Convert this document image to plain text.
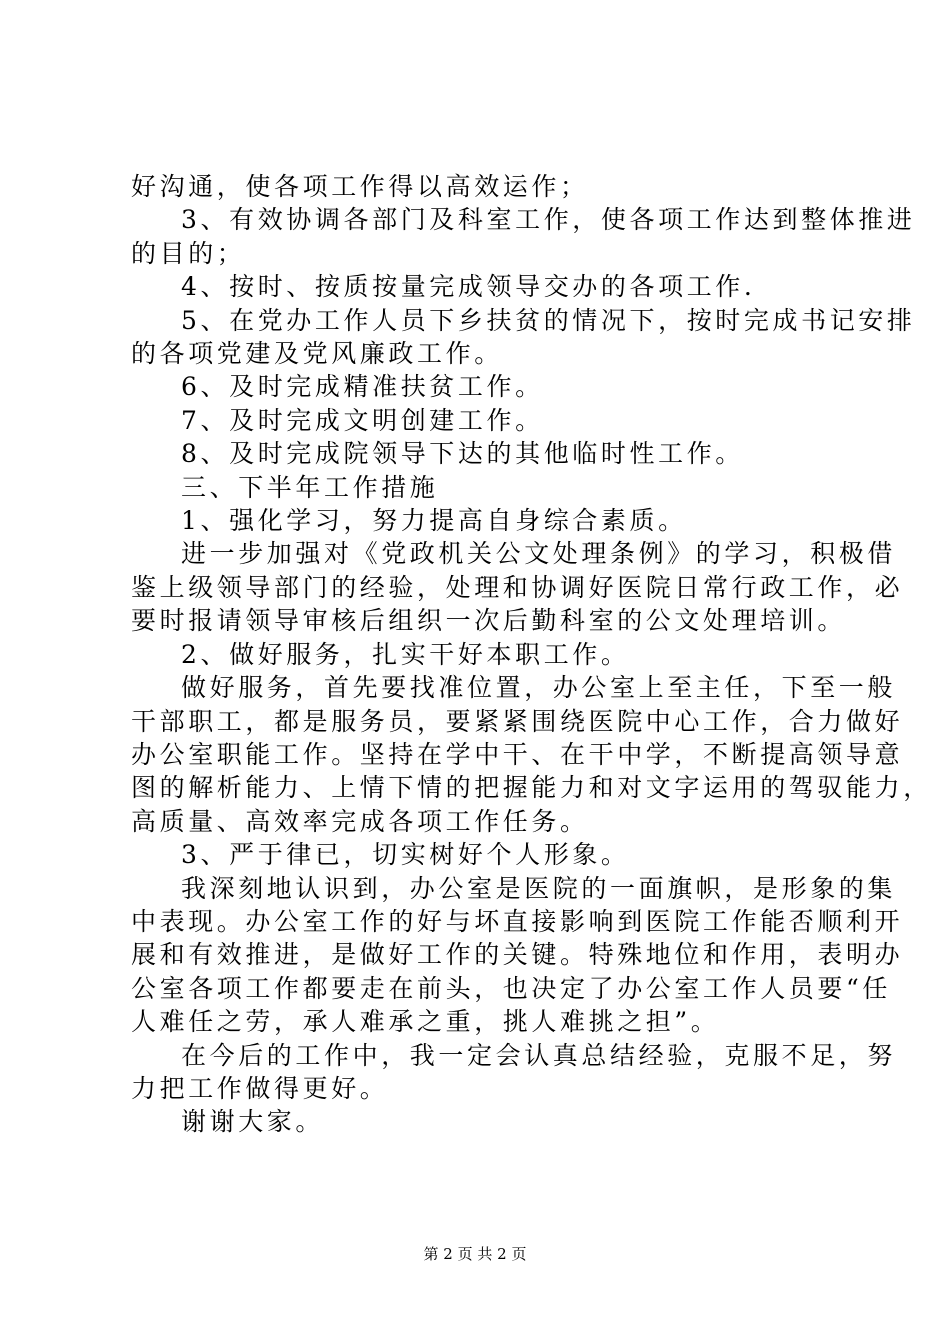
好沟通，使各项工作得以高效运作；

3、有效协调各部门及科室工作，使各项工作达到整体推进

的目的；

4、按时、按质按量完成领导交办的各项工作.

5、在党办工作人员下乡扶贫的情况下，按时完成书记安排

的各项党建及党风廉政工作。

6、及时完成精准扶贫工作。

7、及时完成文明创建工作。

8、及时完成院领导下达的其他临时性工作。

三、下半年工作措施

1、强化学习，努力提高自身综合素质。

进一步加强对《党政机关公文处理条例》的学习，积极借

鉴上级领导部门的经验，处理和协调好医院日常行政工作，必

要时报请领导审核后组织一次后勤科室的公文处理培训。

2、做好服务，扎实干好本职工作。

做好服务，首先要找准位置，办公室上至主任，下至一般

干部职工，都是服务员，要紧紧围绕医院中心工作，合力做好

办公室职能工作。坚持在学中干、在干中学，不断提高领导意

图的解析能力、上情下情的把握能力和对文字运用的驾驭能力，

高质量、高效率完成各项工作任务。

3、严于律已，切实树好个人形象。

我深刻地认识到，办公室是医院的一面旗帜，是形象的集

中表现。办公室工作的好与坏直接影响到医院工作能否顺利开

展和有效推进，是做好工作的关键。特殊地位和作用，表明办

公室各项工作都要走在前头，也决定了办公室工作人员要“任

人难任之劳，承人难承之重，挑人难挑之担”。

在今后的工作中，我一定会认真总结经验，克服不足，努

力把工作做得更好。

谢谢大家。

第 2 页 共 2 页
